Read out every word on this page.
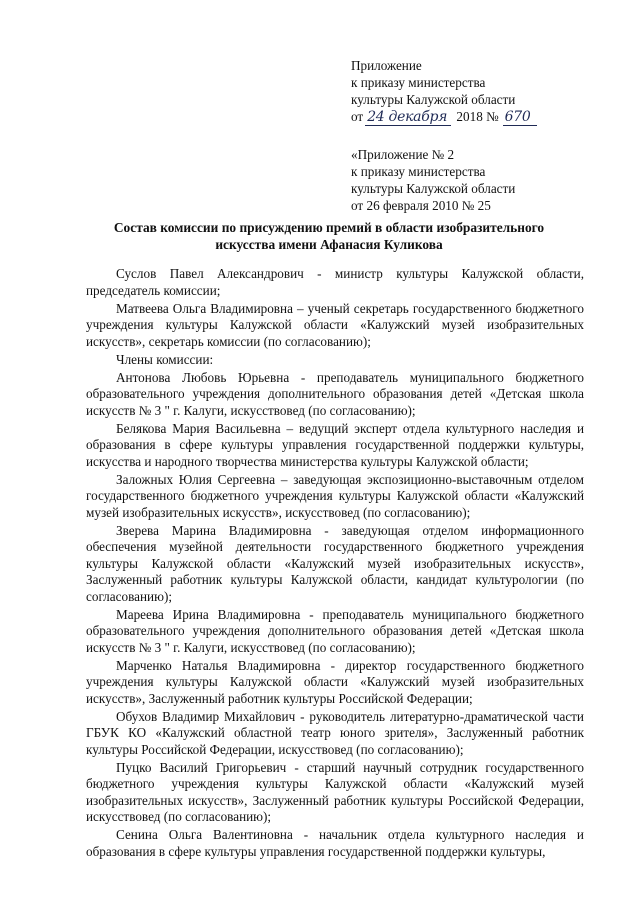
Приложение
к приказу министерства
культуры Калужской области
от 24 декабря 2018 № 670
«Приложение № 2
к приказу министерства
культуры Калужской области
от 26 февраля 2010 № 25
Состав комиссии по присуждению премий в области изобразительного искусства имени Афанасия Куликова

Суслов Павел Александрович - министр культуры Калужской области, председатель комиссии;

Матвеева Ольга Владимировна – ученый секретарь государственного бюджетного учреждения культуры Калужской области «Калужский музей изобразительных искусств», секретарь комиссии (по согласованию);

Члены комиссии:

Антонова Любовь Юрьевна - преподаватель муниципального бюджетного образовательного учреждения дополнительного образования детей «Детская школа искусств № 3 " г. Калуги, искусствовед (по согласованию);

Белякова Мария Васильевна – ведущий эксперт отдела культурного наследия и образования в сфере культуры управления государственной поддержки культуры, искусства и народного творчества министерства культуры Калужской области;

Заложных Юлия Сергеевна – заведующая экспозиционно-выставочным отделом государственного бюджетного учреждения культуры Калужской области «Калужский музей изобразительных искусств», искусствовед (по согласованию);

Зверева Марина Владимировна - заведующая отделом информационного обеспечения музейной деятельности государственного бюджетного учреждения культуры Калужской области «Калужский музей изобразительных искусств», Заслуженный работник культуры Калужской области, кандидат культурологии (по согласованию);

Мареева Ирина Владимировна - преподаватель муниципального бюджетного образовательного учреждения дополнительного образования детей «Детская школа искусств № 3 " г. Калуги, искусствовед (по согласованию);

Марченко Наталья Владимировна - директор государственного бюджетного учреждения культуры Калужской области «Калужский музей изобразительных искусств», Заслуженный работник культуры Российской Федерации;

Обухов Владимир Михайлович - руководитель литературно-драматической части ГБУК КО «Калужский областной театр юного зрителя», Заслуженный работник культуры Российской Федерации, искусствовед (по согласованию);

Пуцко Василий Григорьевич - старший научный сотрудник государственного бюджетного учреждения культуры Калужской области «Калужский музей изобразительных искусств», Заслуженный работник культуры Российской Федерации, искусствовед (по согласованию);

Сенина Ольга Валентиновна - начальник отдела культурного наследия и образования в сфере культуры управления государственной поддержки культуры,
